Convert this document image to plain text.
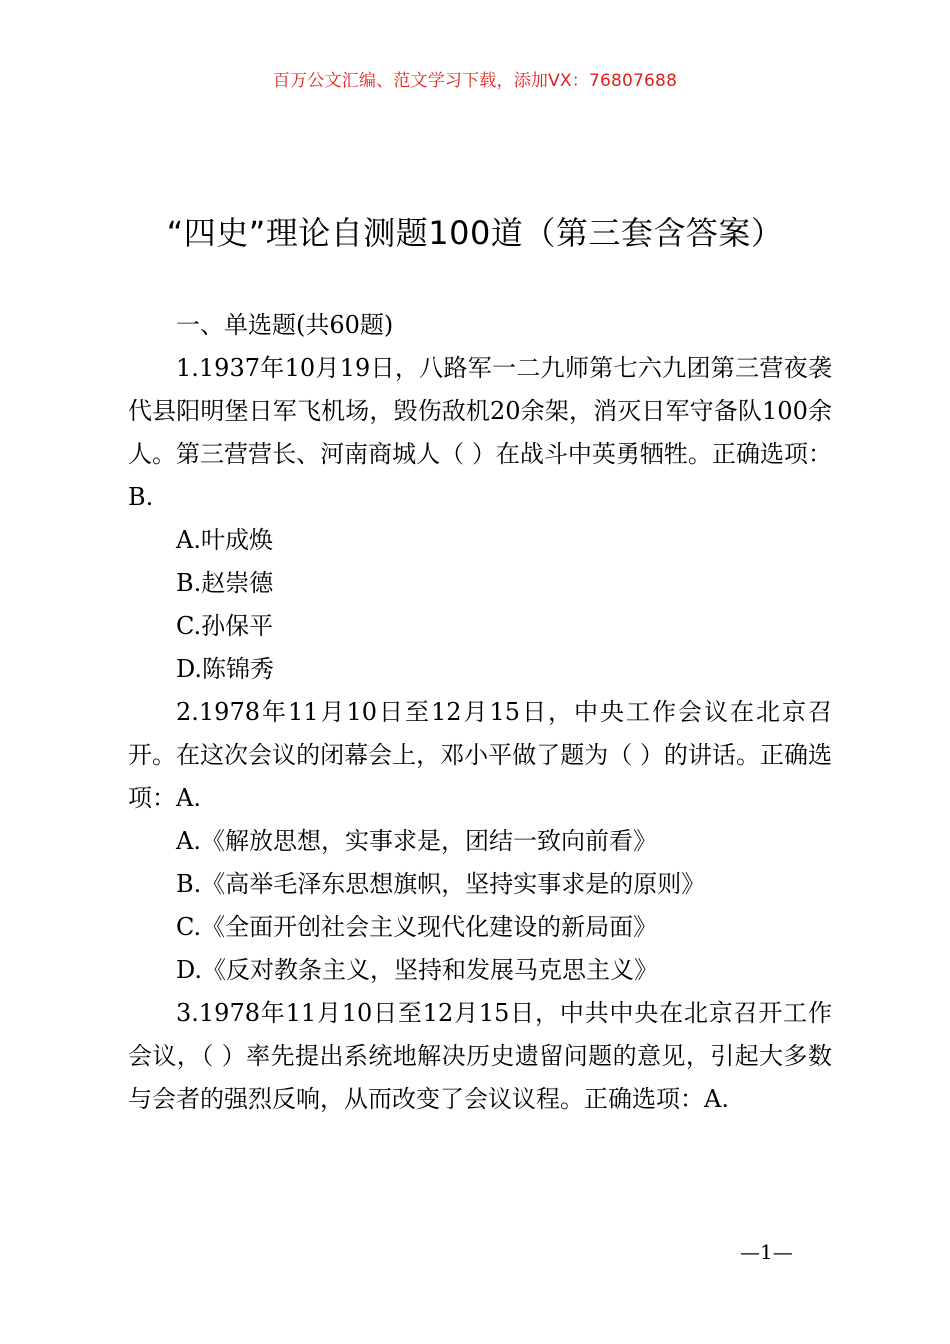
百万公文汇编、范文学习下载，添加VX：76807688
“四史”理论自测题100道（第三套含答案）

一、单选题(共60题)

1.1937年10月19日，八路军一二九师第七六九团第三营夜袭代县阳明堡日军飞机场，毁伤敌机20余架，消灭日军守备队100余人。第三营营长、河南商城人（ ）在战斗中英勇牺牲。正确选项：B.

A.叶成焕

B.赵崇德

C.孙保平

D.陈锦秀

2.1978年11月10日至12月15日，中央工作会议在北京召开。在这次会议的闭幕会上，邓小平做了题为（ ）的讲话。正确选项：A.

A.《解放思想，实事求是，团结一致向前看》

B.《高举毛泽东思想旗帜，坚持实事求是的原则》

C.《全面开创社会主义现代化建设的新局面》

D.《反对教条主义，坚持和发展马克思主义》

3.1978年11月10日至12月15日，中共中央在北京召开工作会议，（ ）率先提出系统地解决历史遗留问题的意见，引起大多数与会者的强烈反响，从而改变了会议议程。正确选项：A.

—1—
